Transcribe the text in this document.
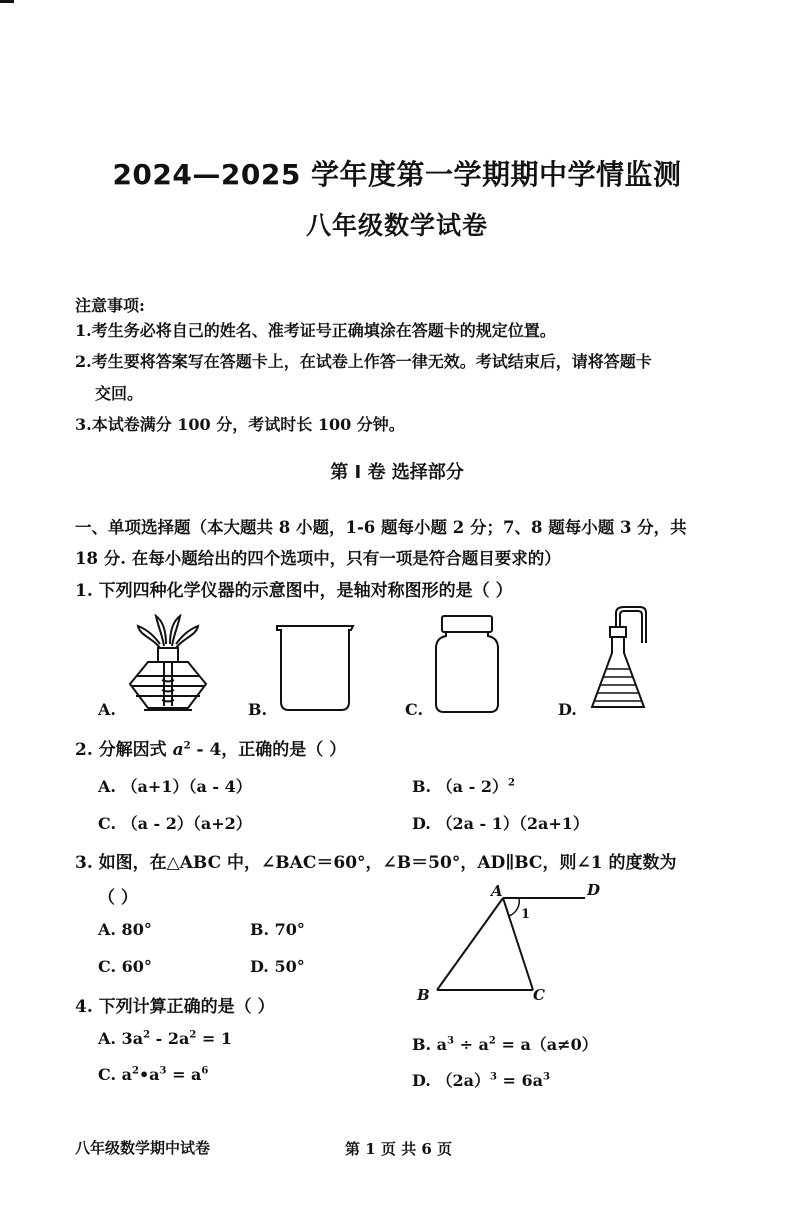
2024—2025 学年度第一学期期中学情监测
八年级数学试卷
注意事项:
1.考生务必将自己的姓名、准考证号正确填涂在答题卡的规定位置。
2.考生要将答案写在答题卡上，在试卷上作答一律无效。考试结束后，请将答题卡
交回。
3.本试卷满分 100 分，考试时长 100 分钟。
第 I 卷 选择部分
一、单项选择题（本大题共 8 小题，1-6 题每小题 2 分；7、8 题每小题 3 分，共
18 分. 在每小题给出的四个选项中，只有一项是符合题目要求的）
1. 下列四种化学仪器的示意图中，是轴对称图形的是（ ）
A.	B.	C.	D.
2. 分解因式 $a^2 - 4$，正确的是（ ）
A. （a+1）（a - 4）	B. （a - 2）$^2$
C. （a - 2）（a+2）	D. （2a - 1）（2a+1）
3. 如图，在△ABC 中，∠BAC＝60°，∠B＝50°，AD∥BC，则∠1 的度数为
（ ）
A. 80°	B. 70°
C. 60°	D. 50°
A	D
B	C
1
4. 下列计算正确的是（ ）
A. $3a^2 - 2a^2 = 1$	B. $a^3 \div a^2 = a(a\ne 0)$
C. $a^2•a^3 = a^6$	D. $(2a)^3 = 6a^3$
八年级数学期中试卷	第 1 页 共 6 页
